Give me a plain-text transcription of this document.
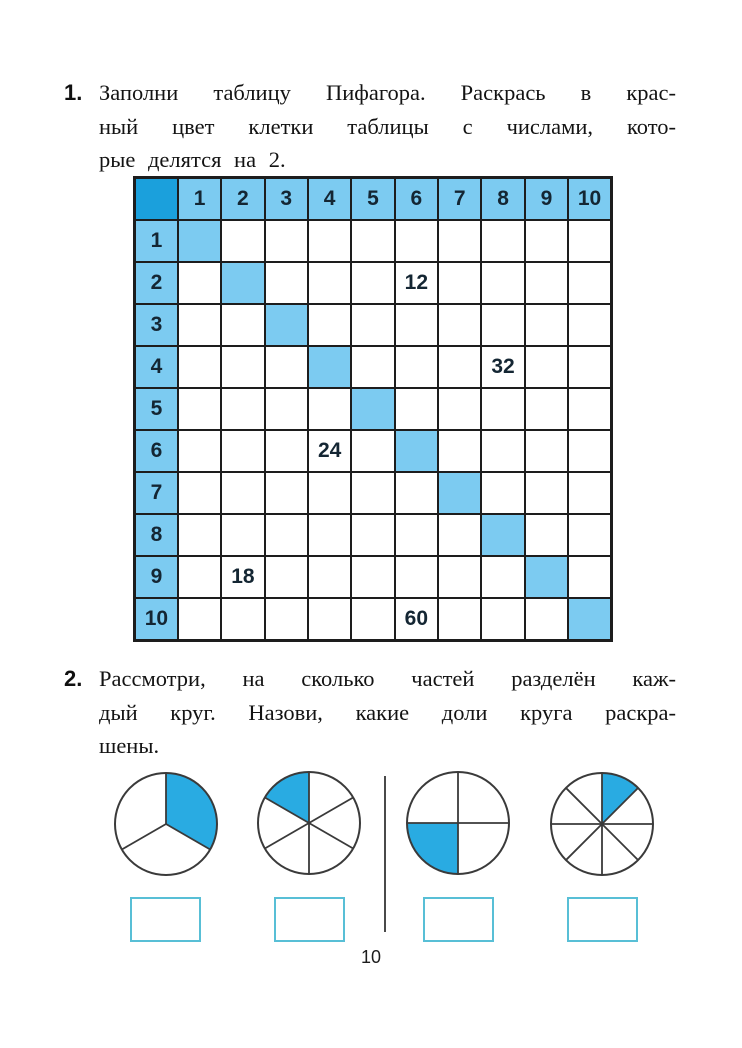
1. Заполни таблицу Пифагора. Раскрась в крас-
ный цвет клетки таблицы с числами, кото-
рые делятся на 2.
	1	2	3	4	5	6	7	8	9	10
1										
2						12				
3										
4								32		
5										
6				24						
7										
8										
9		18								
10						60				
2. Рассмотри, на сколько частей разделён каж-
дый круг. Назови, какие доли круга раскра-
шены.
10
